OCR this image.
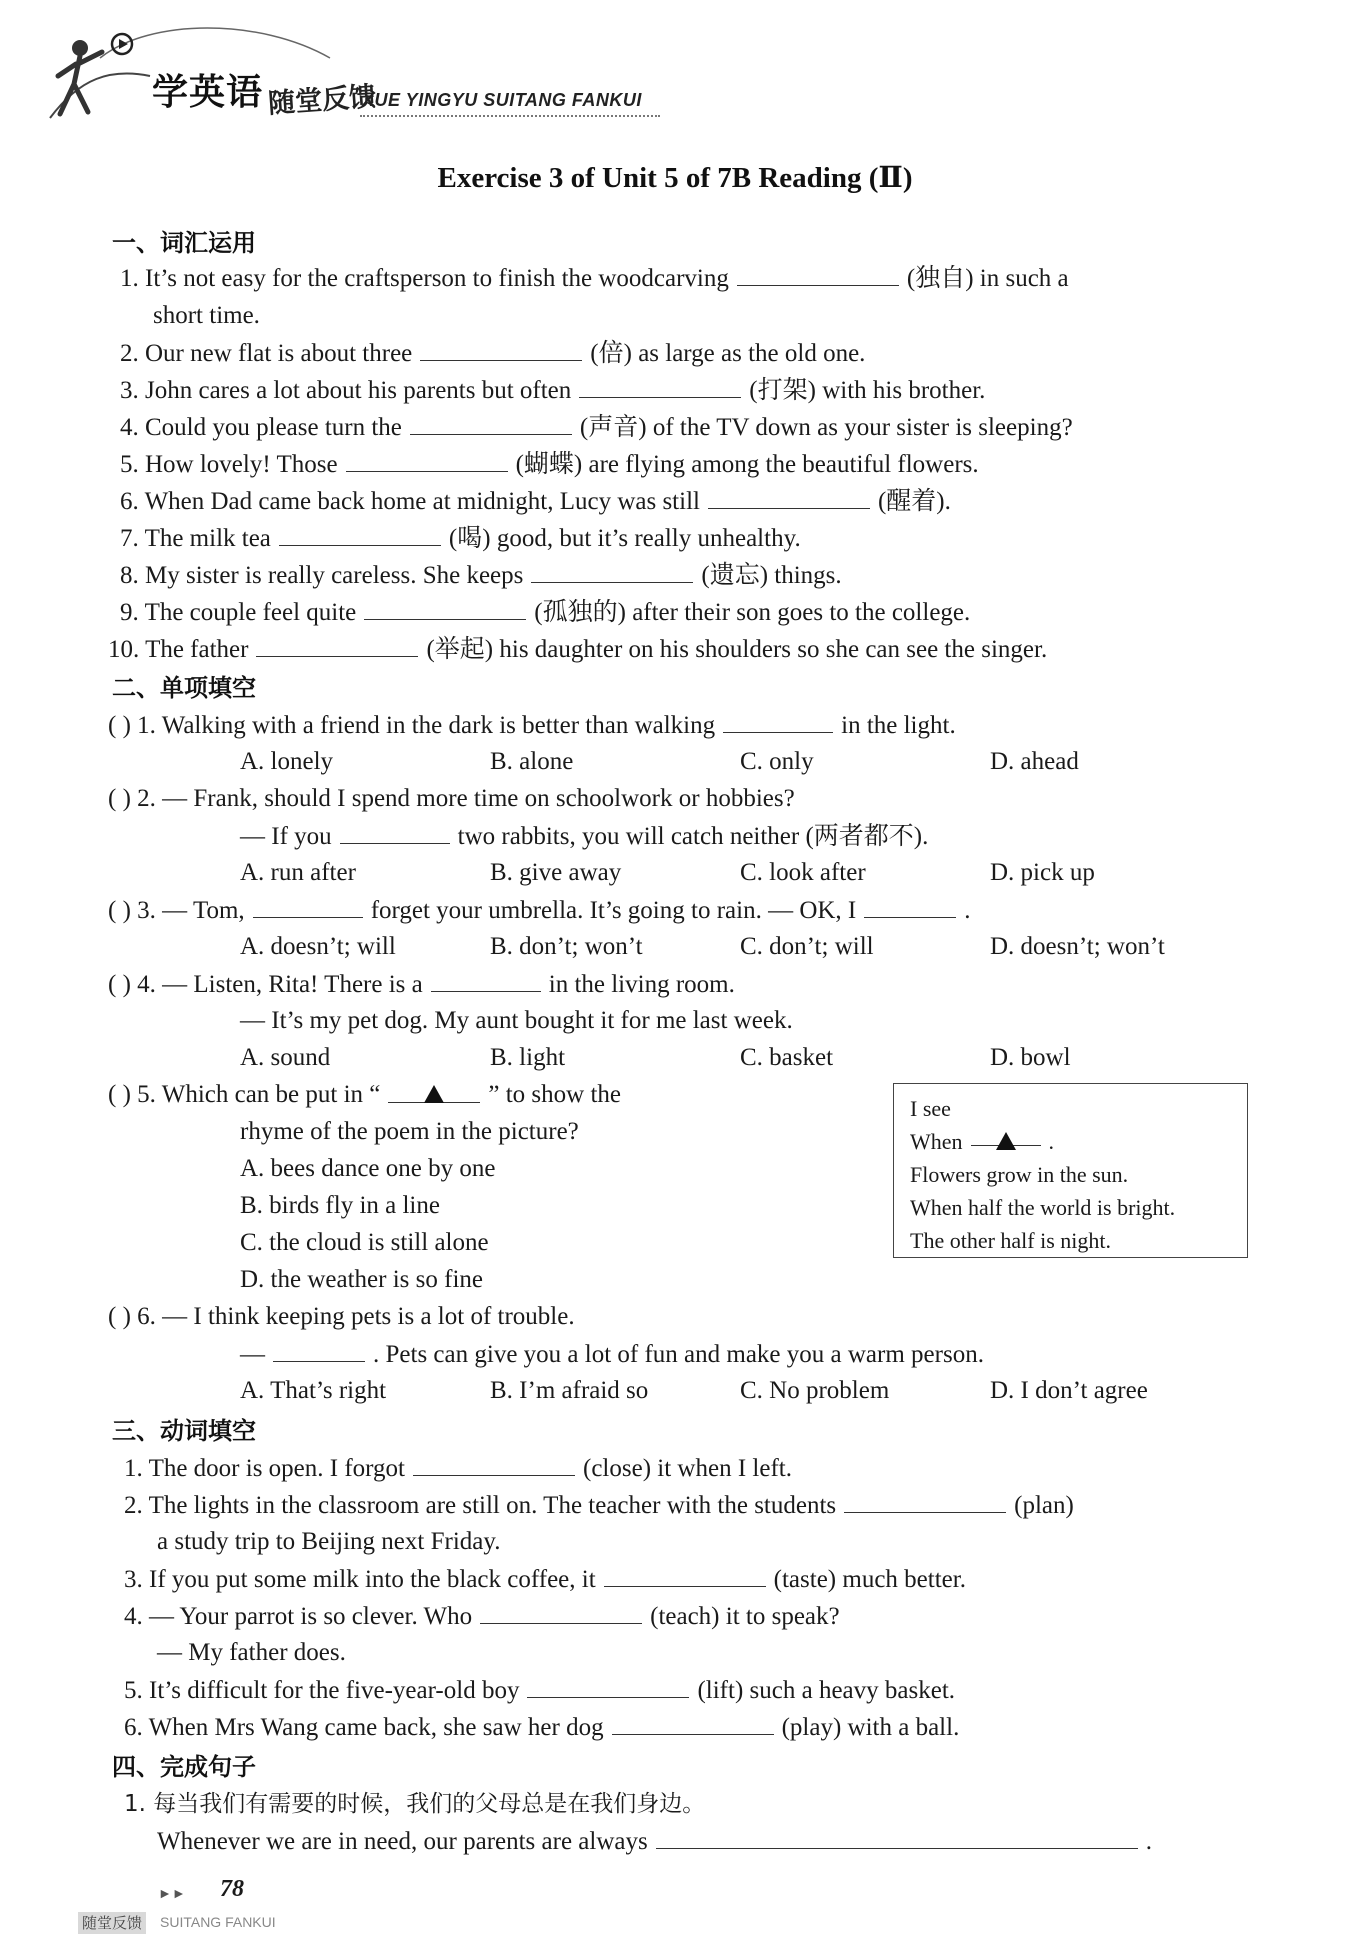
学英语 随堂反馈
XUE YINGYU SUITANG FANKUI
Exercise 3 of Unit 5 of 7B Reading (Ⅱ)
一、词汇运用
1. It’s not easy for the craftsperson to finish the woodcarving	(独自) in such a
short time.
2. Our new flat is about three	(倍) as large as the old one.
3. John cares a lot about his parents but often	(打架) with his brother.
4. Could you please turn the	(声音) of the TV down as your sister is sleeping?
5. How lovely! Those	(蝴蝶) are flying among the beautiful flowers.
6. When Dad came back home at midnight, Lucy was still	(醒着).
7. The milk tea	(喝) good, but it’s really unhealthy.
8. My sister is really careless. She keeps	(遗忘) things.
9. The couple feel quite	(孤独的) after their son goes to the college.
10. The father	(举起) his daughter on his shoulders so she can see the singer.
二、单项填空
( ) 1. Walking with a friend in the dark is better than walking	in the light.
A. lonely	B. alone	C. only	D. ahead
( ) 2. — Frank, should I spend more time on schoolwork or hobbies?
— If you	two rabbits, you will catch neither (两者都不).
A. run after	B. give away	C. look after	D. pick up
( ) 3. — Tom,	forget your umbrella. It’s going to rain. — OK, I	.
A. doesn’t; will	B. don’t; won’t	C. don’t; will	D. doesn’t; won’t
( ) 4. — Listen, Rita! There is a	in the living room.
— It’s my pet dog. My aunt bought it for me last week.
A. sound	B. light	C. basket	D. bowl
( ) 5. Which can be put in “	” to show the
rhyme of the poem in the picture?
A. bees dance one by one
B. birds fly in a line
C. the cloud is still alone
D. the weather is so fine
I see
When	.
Flowers grow in the sun.
When half the world is bright.
The other half is night.
( ) 6. — I think keeping pets is a lot of trouble.
—	. Pets can give you a lot of fun and make you a warm person.
A. That’s right	B. I’m afraid so	C. No problem	D. I don’t agree
三、动词填空
1. The door is open. I forgot	(close) it when I left.
2. The lights in the classroom are still on. The teacher with the students	(plan)
a study trip to Beijing next Friday.
3. If you put some milk into the black coffee, it	(taste) much better.
4. — Your parrot is so clever. Who	(teach) it to speak?
— My father does.
5. It’s difficult for the five-year-old boy	(lift) such a heavy basket.
6. When Mrs Wang came back, she saw her dog	(play) with a ball.
四、完成句子
1. 每当我们有需要的时候，我们的父母总是在我们身边。
Whenever we are in need, our parents are always	.
►► 78
随堂反馈 SUITANG FANKUI
